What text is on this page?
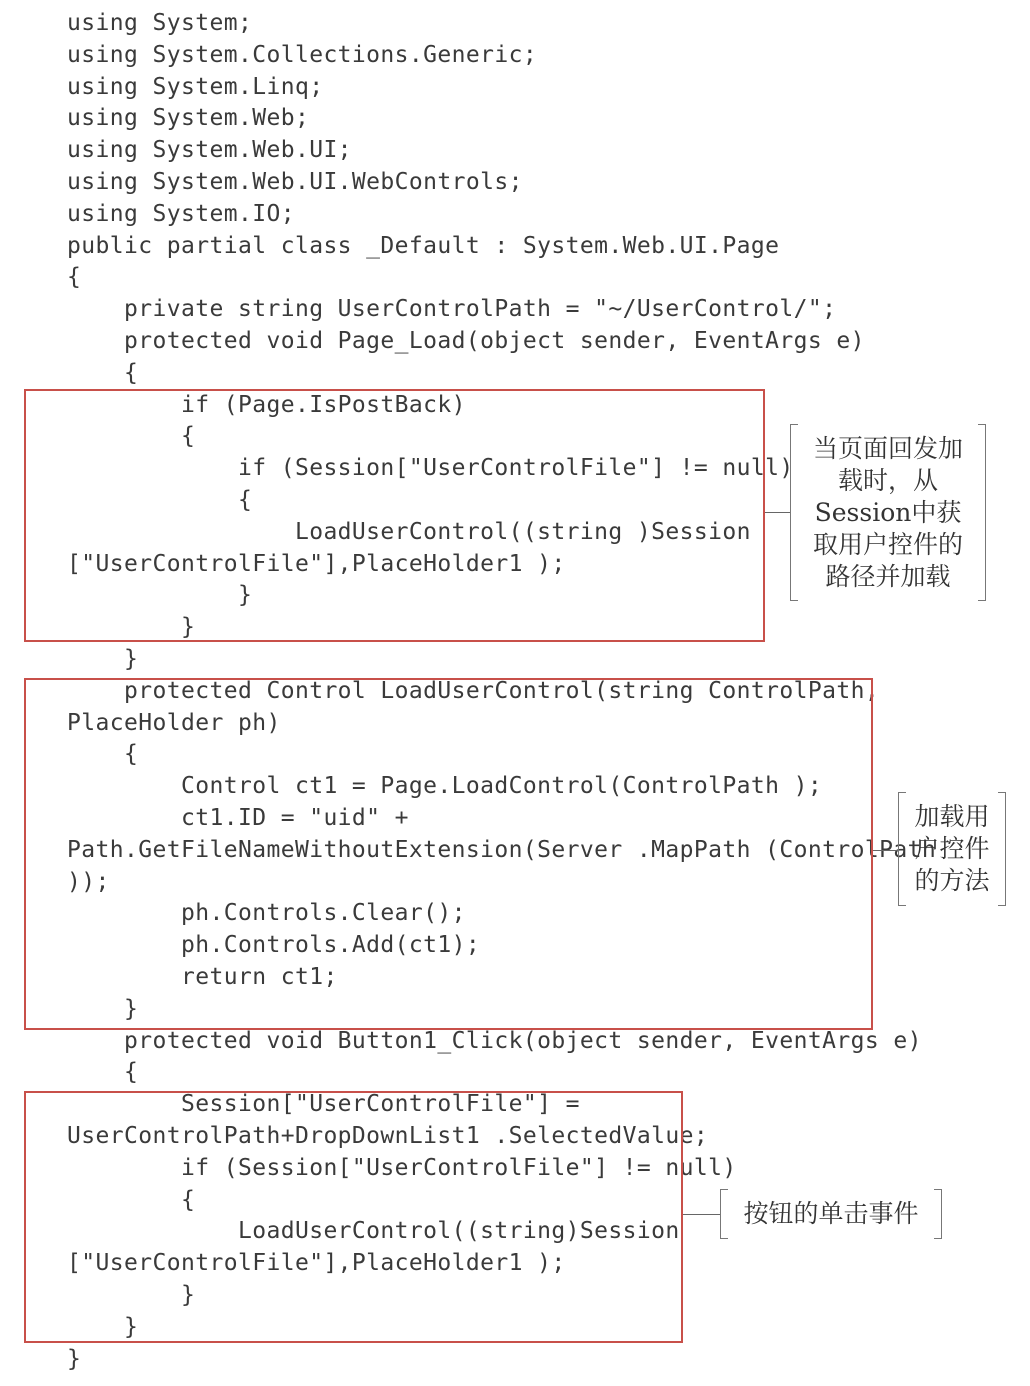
using System;
using System.Collections.Generic;
using System.Linq;
using System.Web;
using System.Web.UI;
using System.Web.UI.WebControls;
using System.IO;
public partial class _Default : System.Web.UI.Page
{
private string UserControlPath = "~/UserControl/";
protected void Page_Load(object sender, EventArgs e)
{
if (Page.IsPostBack)
{
if (Session["UserControlFile"] != null)
{
LoadUserControl((string )Session
["UserControlFile"],PlaceHolder1 );
}
}
}
protected Control LoadUserControl(string ControlPath,
PlaceHolder ph)
{
Control ct1 = Page.LoadControl(ControlPath );
ct1.ID = "uid" +
Path.GetFileNameWithoutExtension(Server .MapPath (ControlPath
));
ph.Controls.Clear();
ph.Controls.Add(ct1);
return ct1;
}
protected void Button1_Click(object sender, EventArgs e)
{
Session["UserControlFile"] =
UserControlPath+DropDownList1 .SelectedValue;
if (Session["UserControlFile"] != null)
{
LoadUserControl((string)Session
["UserControlFile"],PlaceHolder1 );
}
}
}
当页面回发加
载时，从
Session中获
取用户控件的
路径并加载
加载用
户控件
的方法
按钮的单击事件
